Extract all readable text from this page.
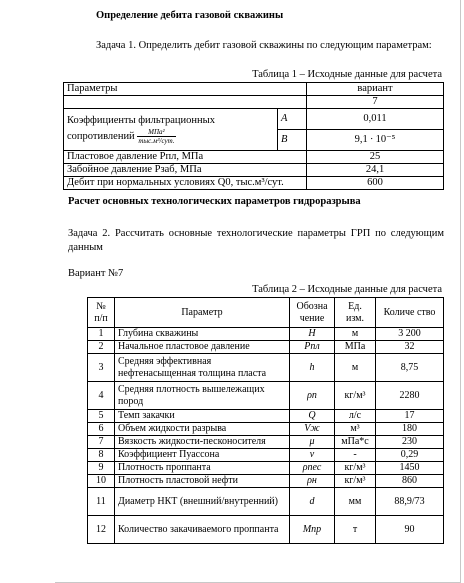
Определение дебита газовой скважины
Задача 1. Определить дебит газовой скважины по следующим параметрам:
Таблица 1 – Исходные данные для расчета
Параметры		вариант
		7

Коэффициенты фильтрационных
сопротивлений $\frac{\text{МПа²}}{\text{тыс.м³/сут.}}$	A	0,011
	B	9,1 ∙ 10⁻⁵
Пластовое давление Pпл, МПа		25
Забойное давление Pзаб, МПа		24,1
Дебит при нормальных условиях Q0, тыс.м³/сут.		600
Расчет основных технологических параметров гидроразрыва
Задача 2. Рассчитать основные технологические параметры ГРП по следующим данным
Вариант №7
Таблица 2 – Исходные данные для расчета
№ п/п	Параметр	Обозна чение	Ед. изм.	Количе ство
1	Глубина скважины	H	м	3 200
2	Начальное пластовое давление	Pпл	МПа	32
3	Средняя эффективная нефтенасыщенная толщина пласта	h	м	8,75
4	Средняя плотность вышележащих пород	ρп	кг/м³	2280
5	Темп закачки	Q	л/с	17
6	Объем жидкости разрыва	Vж	м³	180
7	Вязкость жидкости-песконосителя	μ	мПа*с	230
8	Коэффициент Пуассона	ν	-	0,29
9	Плотность проппанта	ρпес	кг/м³	1450
10	Плотность пластовой нефти	ρн	кг/м³	860
11	Диаметр НКТ (внешний/внутренний)	d	мм	88,9/73
12	Количество закачиваемого проппанта	Mпр	т	90
